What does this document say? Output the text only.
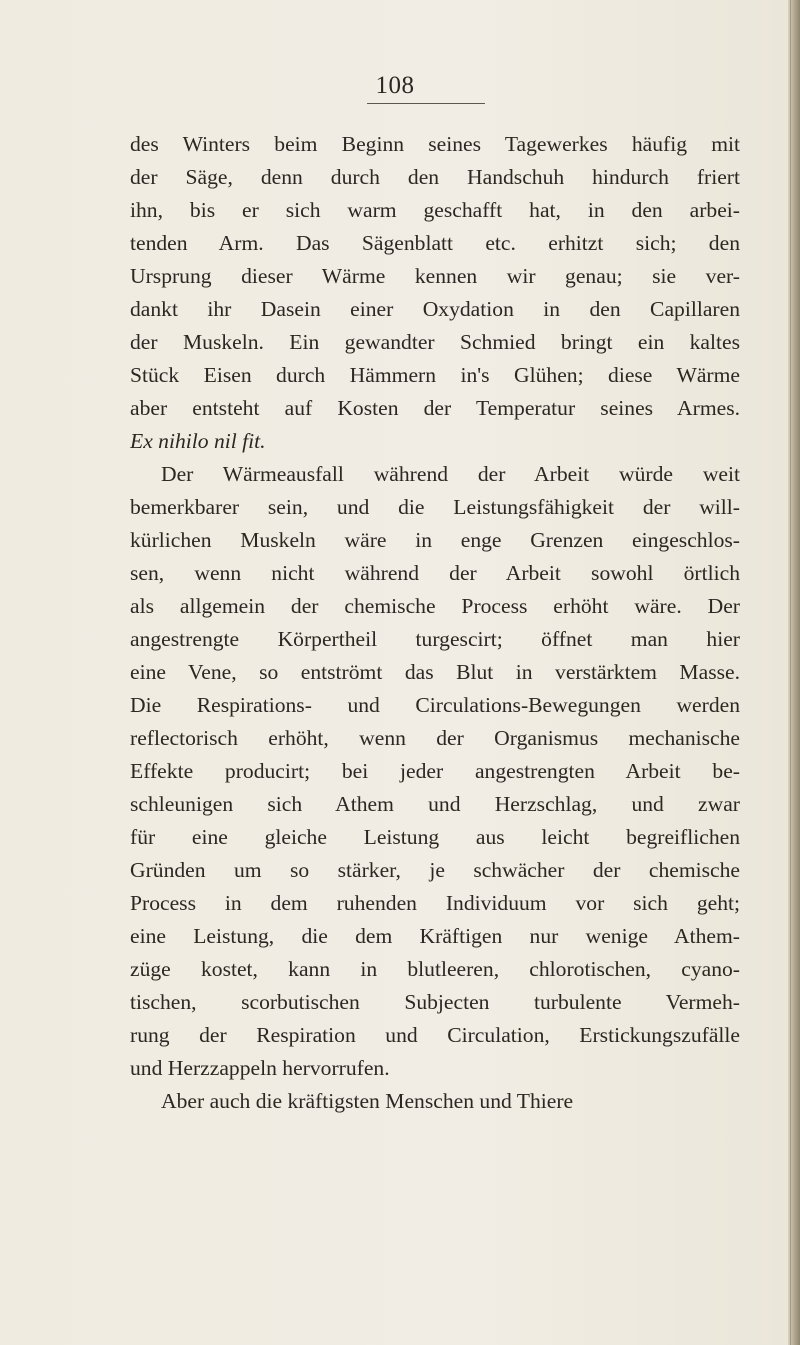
108
des Winters beim Beginn seines Tagewerkes häufig mit
der Säge, denn durch den Handschuh hindurch friert
ihn, bis er sich warm geschafft hat, in den arbei-
tenden Arm. Das Sägenblatt etc. erhitzt sich; den
Ursprung dieser Wärme kennen wir genau; sie ver-
dankt ihr Dasein einer Oxydation in den Capillaren
der Muskeln. Ein gewandter Schmied bringt ein kaltes
Stück Eisen durch Hämmern in's Glühen; diese Wärme
aber entsteht auf Kosten der Temperatur seines Armes.
Ex nihilo nil fit.
Der Wärmeausfall während der Arbeit würde weit
bemerkbarer sein, und die Leistungsfähigkeit der will-
kürlichen Muskeln wäre in enge Grenzen eingeschlos-
sen, wenn nicht während der Arbeit sowohl örtlich
als allgemein der chemische Process erhöht wäre. Der
angestrengte Körpertheil turgescirt; öffnet man hier
eine Vene, so entströmt das Blut in verstärktem Masse.
Die Respirations- und Circulations-Bewegungen werden
reflectorisch erhöht, wenn der Organismus mechanische
Effekte producirt; bei jeder angestrengten Arbeit be-
schleunigen sich Athem und Herzschlag, und zwar
für eine gleiche Leistung aus leicht begreiflichen
Gründen um so stärker, je schwächer der chemische
Process in dem ruhenden Individuum vor sich geht;
eine Leistung, die dem Kräftigen nur wenige Athem-
züge kostet, kann in blutleeren, chlorotischen, cyano-
tischen, scorbutischen Subjecten turbulente Vermeh-
rung der Respiration und Circulation, Erstickungszufälle
und Herzzappeln hervorrufen.
Aber auch die kräftigsten Menschen und Thiere
